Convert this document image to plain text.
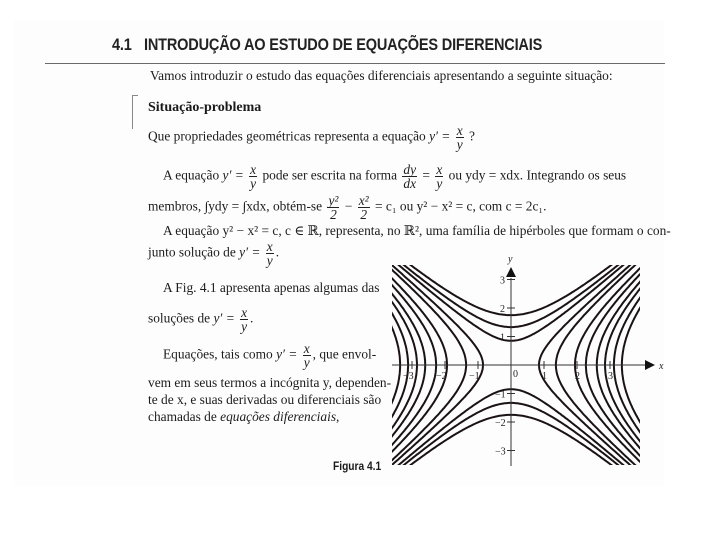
4.1 INTRODUÇÃO AO ESTUDO DE EQUAÇÕES DIFERENCIAIS
Vamos introduzir o estudo das equações diferenciais apresentando a seguinte situação:
Situação-problema
Que propriedades geométricas representa a equação $y' = \frac{x}{y}$ ?
A equação $y' = \frac{x}{y}$ pode ser escrita na forma $\frac{dy}{dx} = \frac{x}{y}$ ou ydy = xdx. Integrando os seus
membros, ∫ydy = ∫xdx, obtém-se $\frac{\text{y²}}{2} - \frac{\text{x²}}{2} = c_1$ ou y² − x² = c, com c = 2c₁.
A equação y² − x² = c, c ∈ ℝ, representa, no ℝ², uma família de hipérboles que formam o con-
junto solução de $y' = \frac{x}{y}$ .
A Fig. 4.1 apresenta apenas algumas das
soluções de $y' = \frac{x}{y}$ .
Equações, tais como $y' = \frac{x}{y}$ , que envol-
vem em seus termos a incógnita y, dependen-
te de x, e suas derivadas ou diferenciais são
chamadas de equações diferenciais,
Figura 4.1
−3 −2 −1	1	2	3
3
2
1
−1
−2
−3
x
y
0
